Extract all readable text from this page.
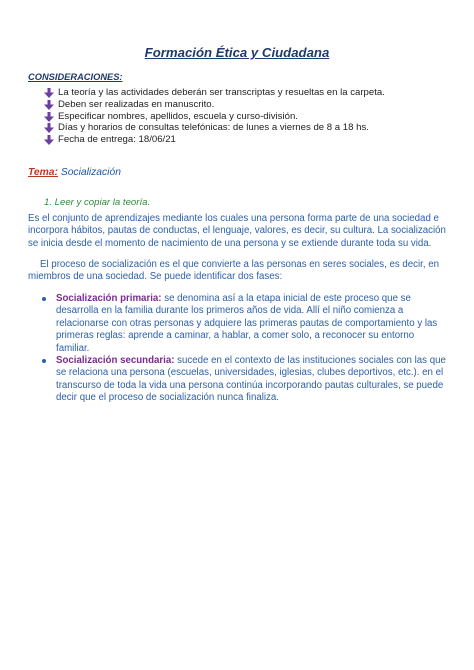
Formación Ética y Ciudadana
CONSIDERACIONES:
La teoría y las actividades deberán ser transcriptas y resueltas en la carpeta.
Deben ser realizadas en manuscrito.
Especificar nombres, apellidos, escuela y curso-división.
Días y horarios de consultas telefónicas: de lunes a viernes de 8 a 18 hs.
Fecha de entrega: 18/06/21
Tema: Socialización
1. Leer y copiar la teoría.

Es el conjunto de aprendizajes mediante los cuales una persona forma parte de una sociedad e incorpora hábitos, pautas de conductas, el lenguaje, valores, es decir, su cultura. La socialización se inicia desde el momento de nacimiento de una persona y se extiende durante toda su vida.

El proceso de socialización es el que convierte a las personas en seres sociales, es decir, en miembros de una sociedad. Se puede identificar dos fases:

Socialización primaria: se denomina así a la etapa inicial de este proceso que se desarrolla en la familia durante los primeros años de vida. Allí el niño comienza a relacionarse con otras personas y adquiere las primeras pautas de comportamiento y las primeras reglas: aprende a caminar, a hablar, a comer solo, a reconocer su entorno familiar.
Socialización secundaria: sucede en el contexto de las instituciones sociales con las que se relaciona una persona (escuelas, universidades, iglesias, clubes deportivos, etc.). en el transcurso de toda la vida una persona continúa incorporando pautas culturales, se puede decir que el proceso de socialización nunca finaliza.
